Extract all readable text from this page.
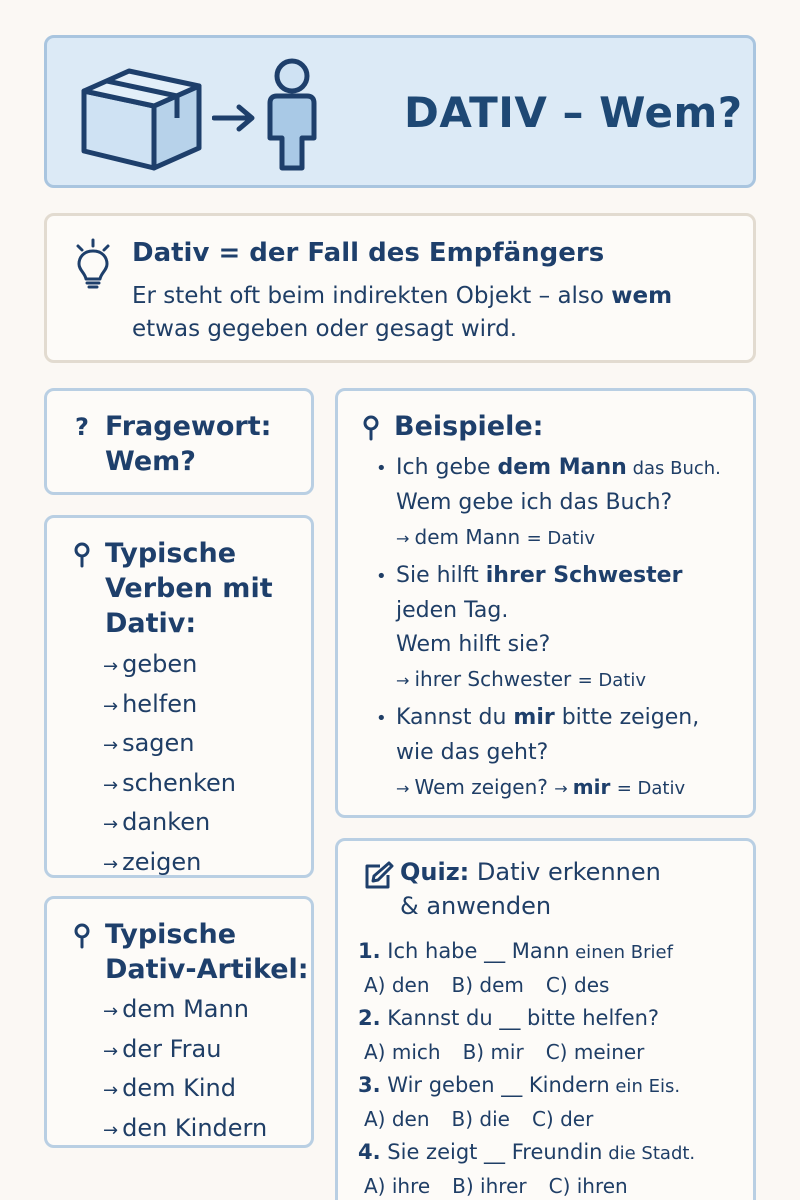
DATIV – Wem?
Dativ = der Fall des Empfängers
Er steht oft beim indirekten Objekt – also wem etwas gegeben oder gesagt wird.
? Fragewort:
Wem?
Typische
Verben mit
Dativ:
→ geben
→ helfen
→ sagen
→ schenken
→ danken
→ zeigen
Typische
Dativ-Artikel:
→ dem Mann
→ der Frau
→ dem Kind
→ den Kindern
Beispiele:
• Ich gebe dem Mann das Buch.
Wem gebe ich das Buch?
→ dem Mann = Dativ
• Sie hilft ihrer Schwester
jeden Tag.
Wem hilft sie?
→ ihrer Schwester = Dativ
• Kannst du mir bitte zeigen,
wie das geht?
→ Wem zeigen? → mir = Dativ
Quiz: Dativ erkennen
& anwenden
1. Ich habe __ Mann einen Brief
A) den B) dem C) des
2. Kannst du __ bitte helfen?
A) mich B) mir C) meiner
3. Wir geben __ Kindern ein Eis.
A) den B) die C) der
4. Sie zeigt __ Freundin die Stadt.
A) ihre B) ihrer C) ihren
